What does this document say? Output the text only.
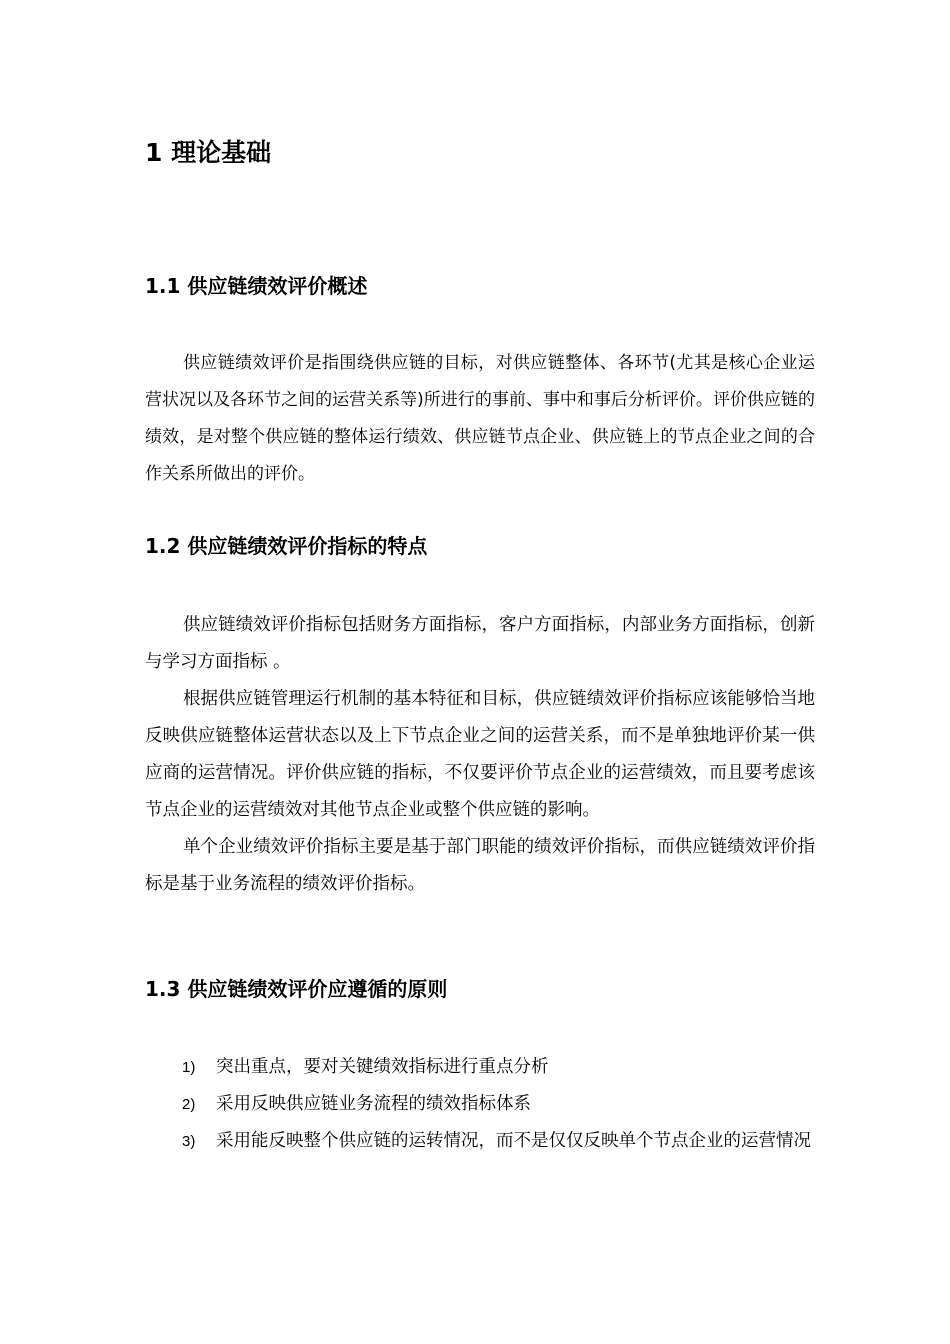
1 理论基础
1.1 供应链绩效评价概述

供应链绩效评价是指围绕供应链的目标，对供应链整体、各环节(尤其是核心企业运营状况以及各环节之间的运营关系等)所进行的事前、事中和事后分析评价。评价供应链的绩效，是对整个供应链的整体运行绩效、供应链节点企业、供应链上的节点企业之间的合作关系所做出的评价。

1.2 供应链绩效评价指标的特点

供应链绩效评价指标包括财务方面指标，客户方面指标，内部业务方面指标，创新与学习方面指标 。

根据供应链管理运行机制的基本特征和目标，供应链绩效评价指标应该能够恰当地反映供应链整体运营状态以及上下节点企业之间的运营关系，而不是单独地评价某一供应商的运营情况。评价供应链的指标，不仅要评价节点企业的运营绩效，而且要考虑该节点企业的运营绩效对其他节点企业或整个供应链的影响。

单个企业绩效评价指标主要是基于部门职能的绩效评价指标，而供应链绩效评价指标是基于业务流程的绩效评价指标。

1.3 供应链绩效评价应遵循的原则
1) 突出重点，要对关键绩效指标进行重点分析
2) 采用反映供应链业务流程的绩效指标体系
3) 采用能反映整个供应链的运转情况，而不是仅仅反映单个节点企业的运营情况
